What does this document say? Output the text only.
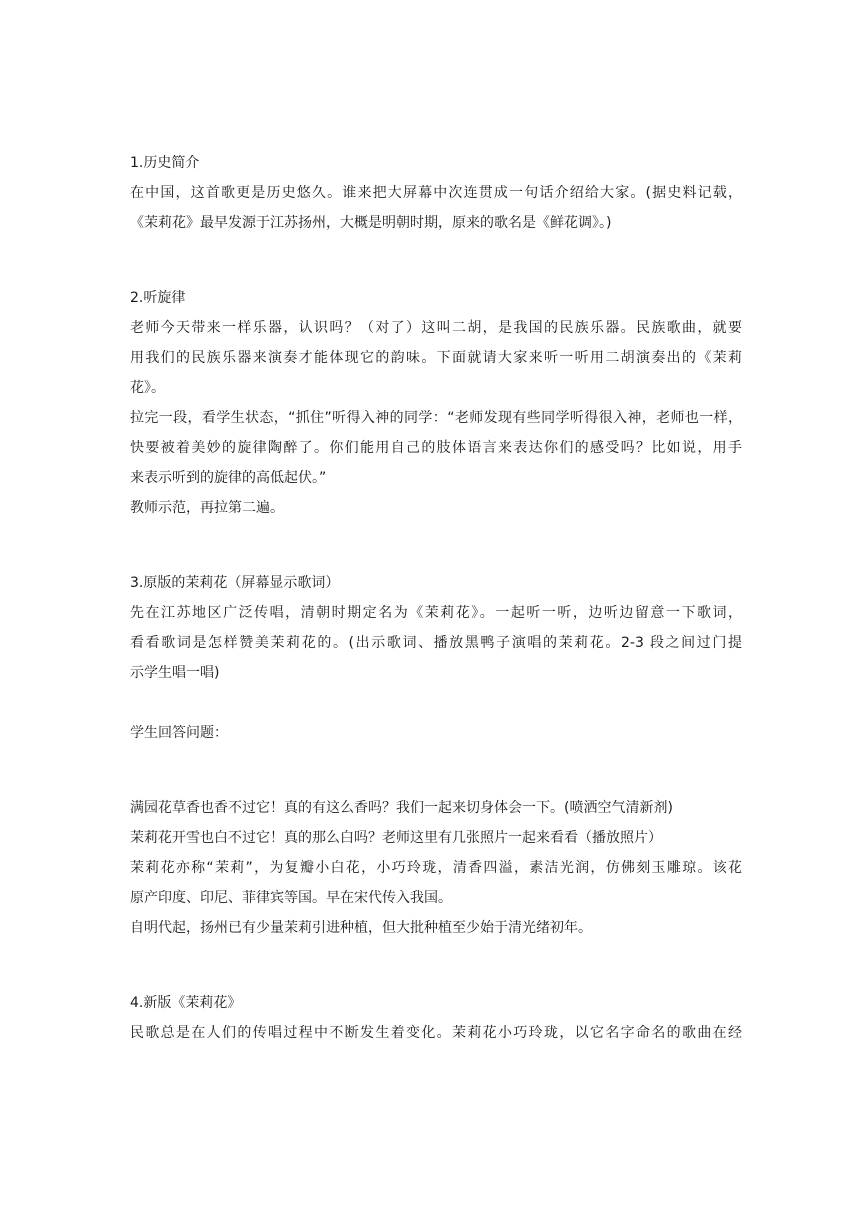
1.历史简介
在中国，这首歌更是历史悠久。谁来把大屏幕中次连贯成一句话介绍给大家。(据史料记载，
《茉莉花》最早发源于江苏扬州，大概是明朝时期，原来的歌名是《鲜花调》。)
2.听旋律
老师今天带来一样乐器，认识吗？（对了）这叫二胡，是我国的民族乐器。民族歌曲，就要
用我们的民族乐器来演奏才能体现它的韵味。下面就请大家来听一听用二胡演奏出的《茉莉
花》。
拉完一段，看学生状态，“抓住”听得入神的同学：“老师发现有些同学听得很入神，老师也一样，
快要被着美妙的旋律陶醉了。你们能用自己的肢体语言来表达你们的感受吗？比如说，用手
来表示听到的旋律的高低起伏。”
教师示范，再拉第二遍。
3.原版的茉莉花（屏幕显示歌词）
先在江苏地区广泛传唱，清朝时期定名为《茉莉花》。一起听一听，边听边留意一下歌词，
看看歌词是怎样赞美茉莉花的。(出示歌词、播放黑鸭子演唱的茉莉花。2-3 段之间过门提
示学生唱一唱)
学生回答问题：
满园花草香也香不过它！真的有这么香吗？我们一起来切身体会一下。(喷洒空气清新剂)
茉莉花开雪也白不过它！真的那么白吗？老师这里有几张照片一起来看看（播放照片）
茉莉花亦称“茉莉”，为复瓣小白花，小巧玲珑，清香四溢，素洁光润，仿佛刻玉雕琼。该花
原产印度、印尼、菲律宾等国。早在宋代传入我国。
自明代起，扬州已有少量茉莉引进种植，但大批种植至少始于清光绪初年。
4.新版《茉莉花》
民歌总是在人们的传唱过程中不断发生着变化。茉莉花小巧玲珑，以它名字命名的歌曲在经
